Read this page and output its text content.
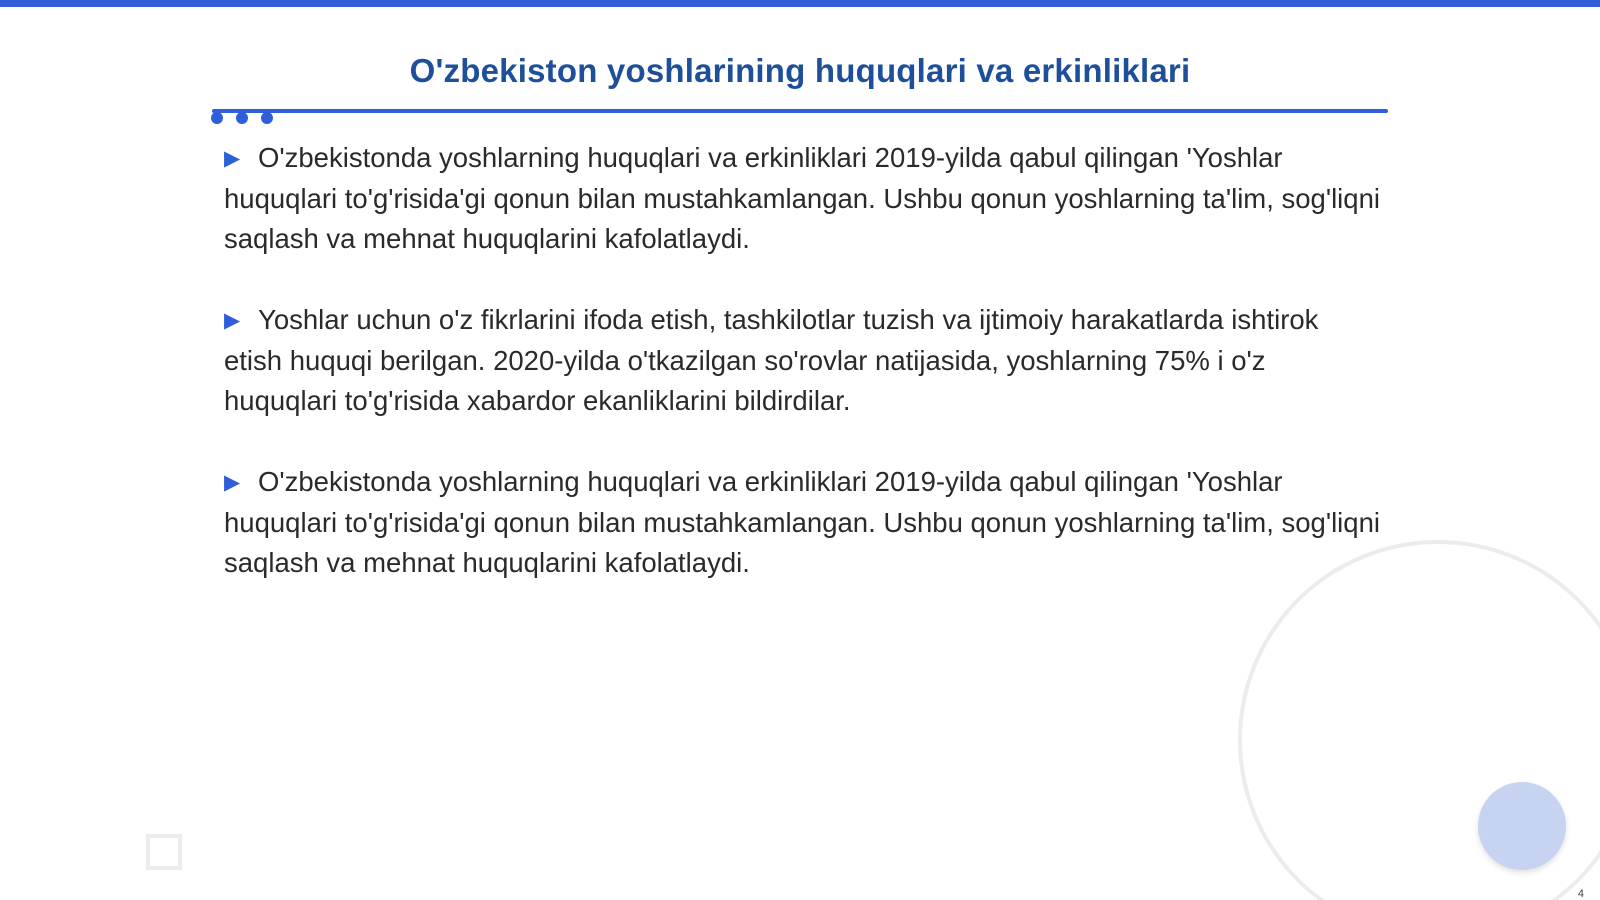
O'zbekiston yoshlarining huquqlari va erkinliklari

▶ O'zbekistonda yoshlarning huquqlari va erkinliklari 2019-yilda qabul qilingan 'Yoshlar huquqlari to'g'risida'gi qonun bilan mustahkamlangan. Ushbu qonun yoshlarning ta'lim, sog'liqni saqlash va mehnat huquqlarini kafolatlaydi.

▶ Yoshlar uchun o'z fikrlarini ifoda etish, tashkilotlar tuzish va ijtimoiy harakatlarda ishtirok etish huquqi berilgan. 2020-yilda o'tkazilgan so'rovlar natijasida, yoshlarning 75% i o'z huquqlari to'g'risida xabardor ekanliklarini bildirdilar.

▶ O'zbekistonda yoshlarning huquqlari va erkinliklari 2019-yilda qabul qilingan 'Yoshlar huquqlari to'g'risida'gi qonun bilan mustahkamlangan. Ushbu qonun yoshlarning ta'lim, sog'liqni saqlash va mehnat huquqlarini kafolatlaydi.

4
